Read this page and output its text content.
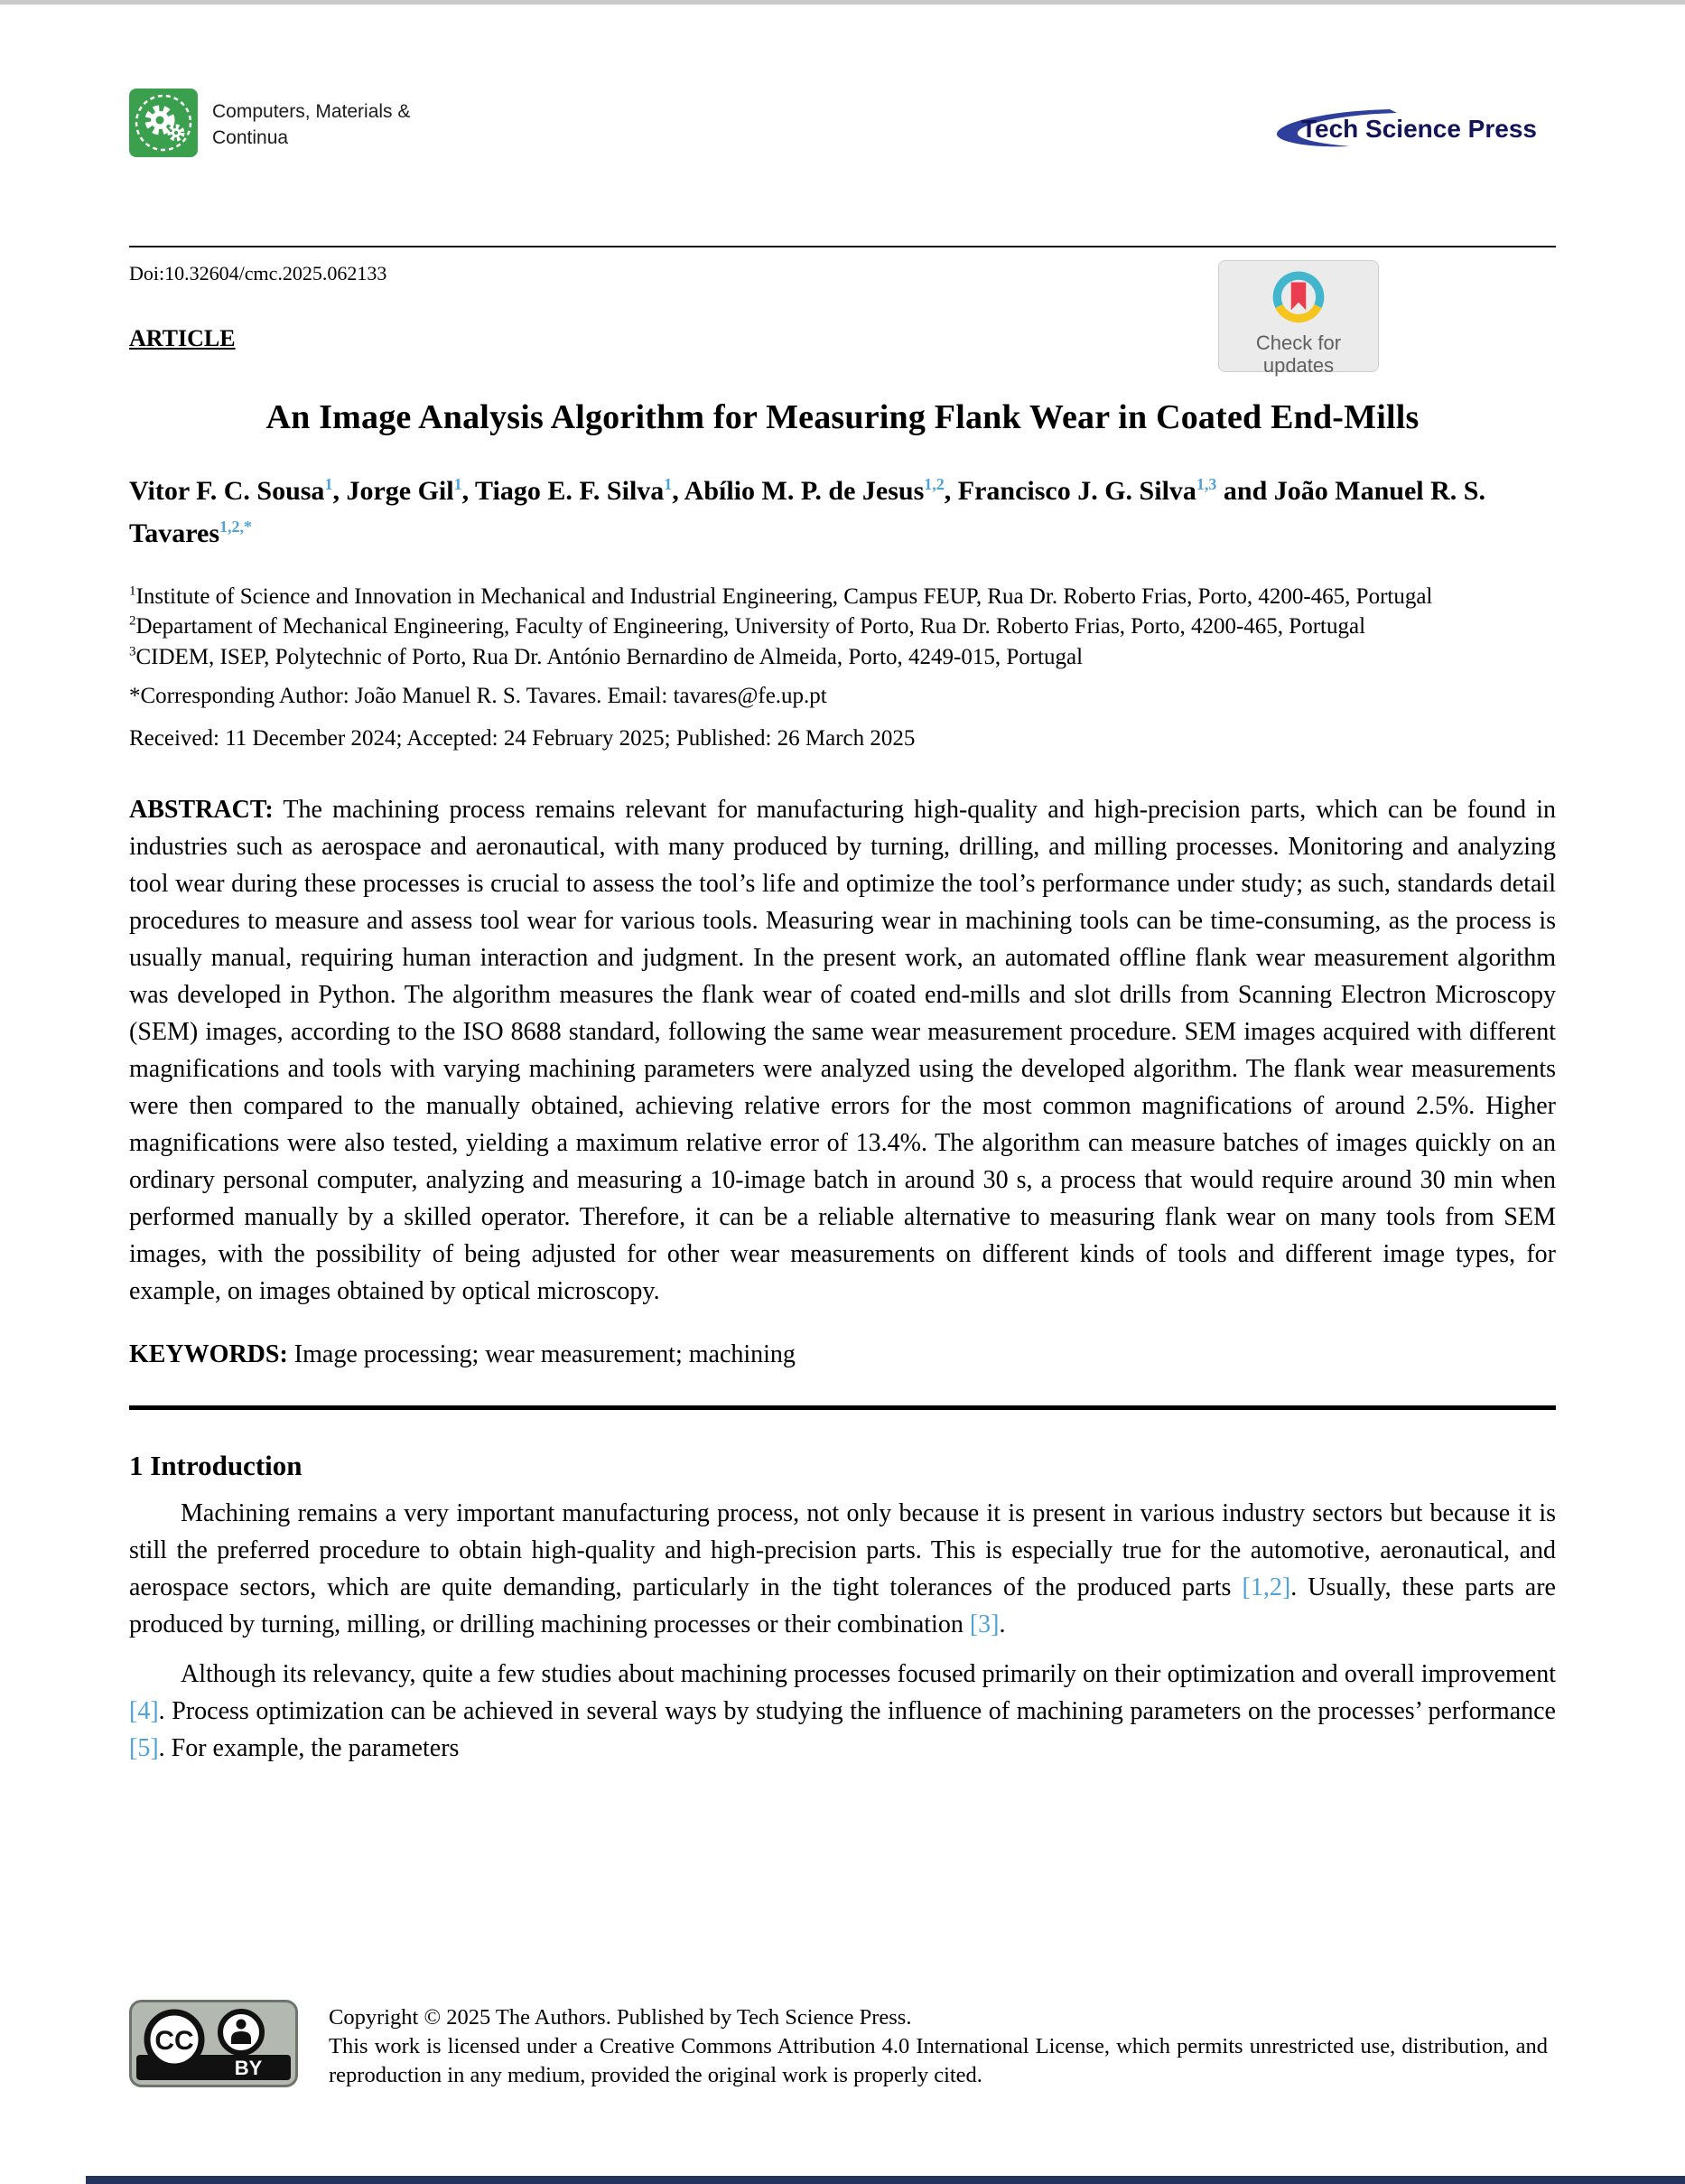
Computers, Materials &
Continua	Tech Science Press
Doi:10.32604/cmc.2025.062133
ARTICLE
An Image Analysis Algorithm for Measuring Flank Wear in Coated End-Mills
Vitor F. C. Sousa$^1$, Jorge Gil$^1$, Tiago E. F. Silva$^1$, Abílio M. P. de Jesus$^{1,2}$, Francisco J. G. Silva$^{1,3}$ and João Manuel R. S. Tavares$^{1,2,*}$
$^1$Institute of Science and Innovation in Mechanical and Industrial Engineering, Campus FEUP, Rua Dr. Roberto Frias, Porto, 4200-465, Portugal
$^2$Departament of Mechanical Engineering, Faculty of Engineering, University of Porto, Rua Dr. Roberto Frias, Porto, 4200-465, Portugal
$^3$CIDEM, ISEP, Polytechnic of Porto, Rua Dr. António Bernardino de Almeida, Porto, 4249-015, Portugal
*Corresponding Author: João Manuel R. S. Tavares. Email: tavares@fe.up.pt
Received: 11 December 2024; Accepted: 24 February 2025; Published: 26 March 2025
ABSTRACT: The machining process remains relevant for manufacturing high-quality and high-precision parts, which can be found in industries such as aerospace and aeronautical, with many produced by turning, drilling, and milling processes. Monitoring and analyzing tool wear during these processes is crucial to assess the tool’s life and optimize the tool’s performance under study; as such, standards detail procedures to measure and assess tool wear for various tools. Measuring wear in machining tools can be time-consuming, as the process is usually manual, requiring human interaction and judgment. In the present work, an automated offline flank wear measurement algorithm was developed in Python. The algorithm measures the flank wear of coated end-mills and slot drills from Scanning Electron Microscopy (SEM) images, according to the ISO 8688 standard, following the same wear measurement procedure. SEM images acquired with different magnifications and tools with varying machining parameters were analyzed using the developed algorithm. The flank wear measurements were then compared to the manually obtained, achieving relative errors for the most common magnifications of around 2.5%. Higher magnifications were also tested, yielding a maximum relative error of 13.4%. The algorithm can measure batches of images quickly on an ordinary personal computer, analyzing and measuring a 10-image batch in around 30 s, a process that would require around 30 min when performed manually by a skilled operator. Therefore, it can be a reliable alternative to measuring flank wear on many tools from SEM images, with the possibility of being adjusted for other wear measurements on different kinds of tools and different image types, for example, on images obtained by optical microscopy.
KEYWORDS: Image processing; wear measurement; machining
1 Introduction

Machining remains a very important manufacturing process, not only because it is present in various industry sectors but because it is still the preferred procedure to obtain high-quality and high-precision parts. This is especially true for the automotive, aeronautical, and aerospace sectors, which are quite demanding, particularly in the tight tolerances of the produced parts [1,2]. Usually, these parts are produced by turning, milling, or drilling machining processes or their combination [3].

Although its relevancy, quite a few studies about machining processes focused primarily on their optimization and overall improvement [4]. Process optimization can be achieved in several ways by studying the influence of machining parameters on the processes’ performance [5]. For example, the parameters

Check for
updates
BY
CC
Copyright © 2025 The Authors. Published by Tech Science Press.
This work is licensed under a Creative Commons Attribution 4.0 International License, which permits unrestricted use, distribution, and reproduction in any medium, provided the original work is properly cited.
